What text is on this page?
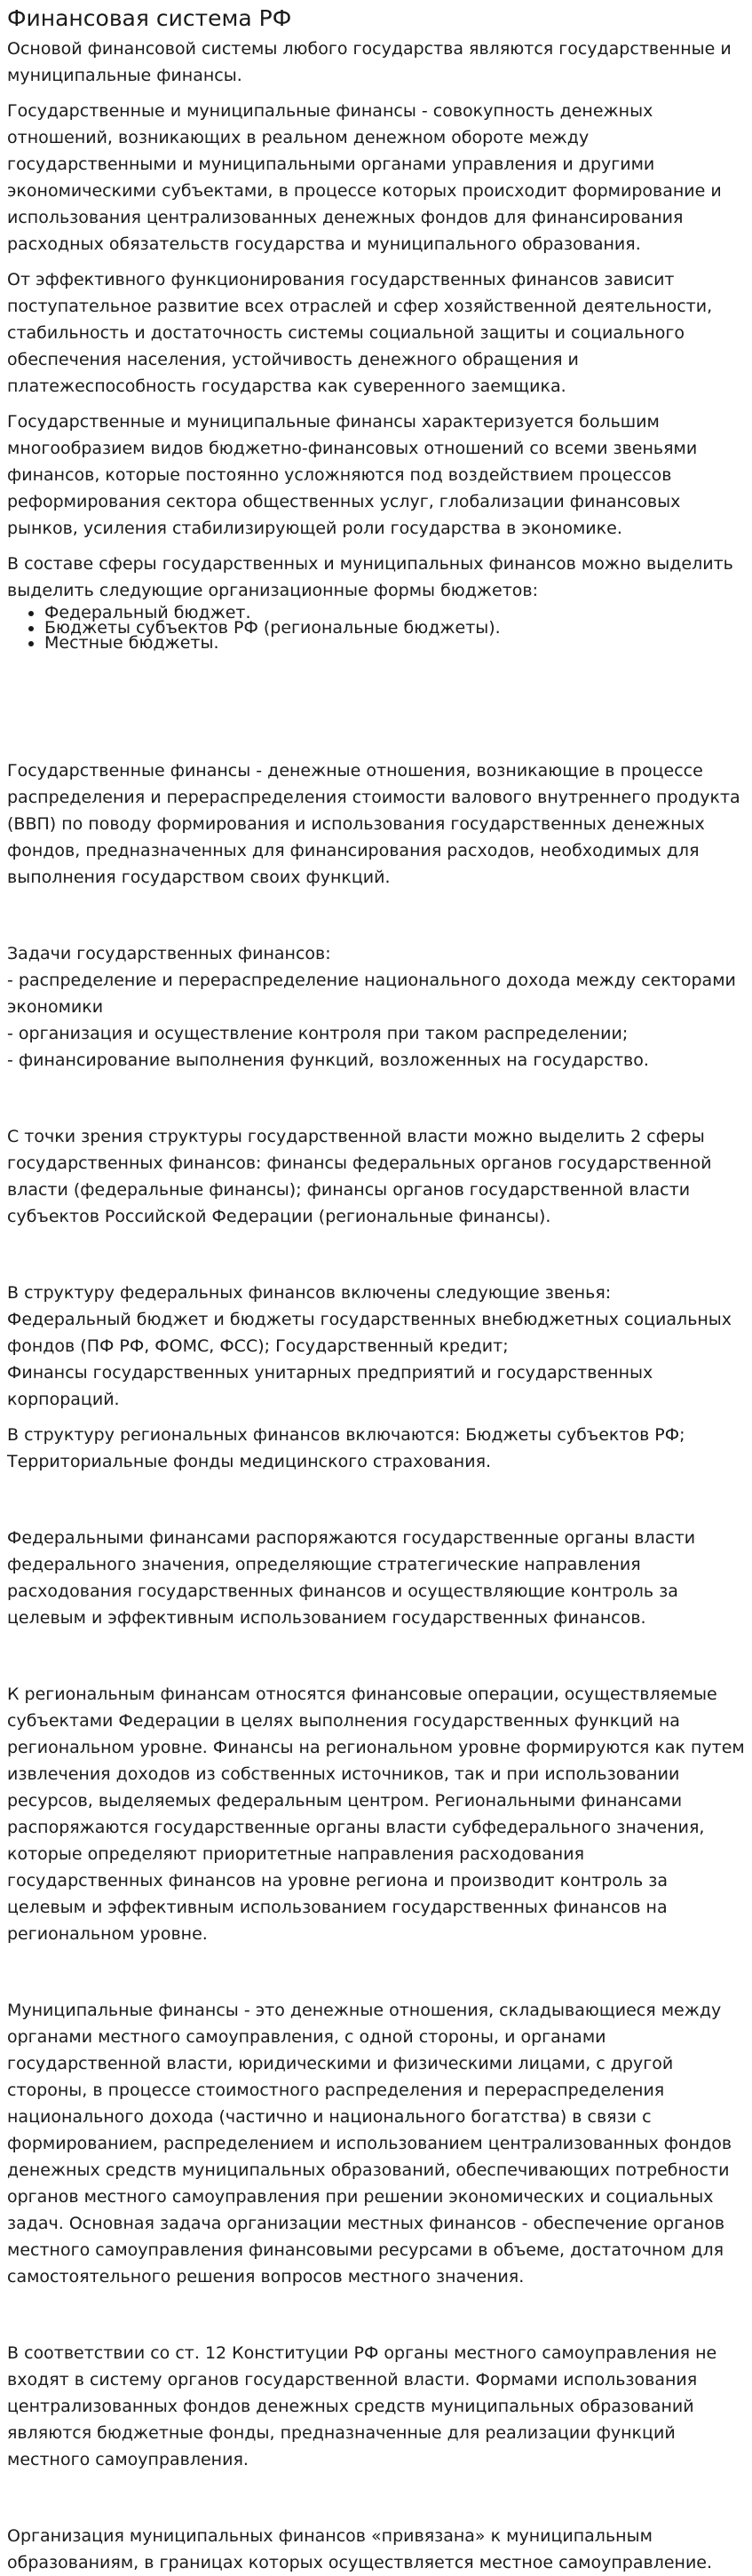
Финансовая система РФ

Основой финансовой системы любого государства являются государственные и муниципальные финансы.

Государственные и муниципальные финансы - совокупность денежных отношений, возникающих в реальном денежном обороте между государственными и муниципальными органами управления и другими экономическими субъектами, в процессе которых происходит формирование и использования централизованных денежных фондов для финансирования расходных обязательств государства и муниципального образования.

От эффективного функционирования государственных финансов зависит поступательное развитие всех отраслей и сфер хозяйственной деятельности, стабильность и достаточность системы социальной защиты и социального обеспечения населения, устойчивость денежного обращения и платежеспособность государства как суверенного заемщика.

Государственные и муниципальные финансы характеризуется большим многообразием видов бюджетно-финансовых отношений со всеми звеньями финансов, которые постоянно усложняются под воздействием процессов реформирования сектора общественных услуг, глобализации финансовых рынков, усиления стабилизирующей роли государства в экономике.

В составе сферы государственных и муниципальных финансов можно выделить выделить следующие организационные формы бюджетов:

• Федеральный бюджет.
• Бюджеты субъектов РФ (региональные бюджеты).
• Местные бюджеты.

Государственные финансы - денежные отношения, возникающие в процессе распределения и перераспределения стоимости валового внутреннего продукта (ВВП) по поводу формирования и использования государственных денежных фондов, предназначенных для финансирования расходов, необходимых для выполнения государством своих функций.

Задачи государственных финансов:
- распределение и перераспределение национального дохода между секторами экономики
- организация и осуществление контроля при таком распределении;
- финансирование выполнения функций, возложенных на государство.

С точки зрения структуры государственной власти можно выделить 2 сферы государственных финансов: финансы федеральных органов государственной власти (федеральные финансы); финансы органов государственной власти субъектов Российской Федерации (региональные финансы).

В структуру федеральных финансов включены следующие звенья:
Федеральный бюджет и бюджеты государственных внебюджетных социальных фондов (ПФ РФ, ФОМС, ФСС); Государственный кредит;
Финансы государственных унитарных предприятий и государственных корпораций.

В структуру региональных финансов включаются: Бюджеты субъектов РФ; Территориальные фонды медицинского страхования.

Федеральными финансами распоряжаются государственные органы власти федерального значения, определяющие стратегические направления расходования государственных финансов и осуществляющие контроль за целевым и эффективным использованием государственных финансов.

К региональным финансам относятся финансовые операции, осуществляемые субъектами Федерации в целях выполнения государственных функций на региональном уровне. Финансы на региональном уровне формируются как путем извлечения доходов из собственных источников, так и при использовании ресурсов, выделяемых федеральным центром. Региональными финансами распоряжаются государственные органы власти субфедерального значения, которые определяют приоритетные направления расходования государственных финансов на уровне региона и производит контроль за целевым и эффективным использованием государственных финансов на региональном уровне.

Муниципальные финансы - это денежные отношения, складывающиеся между органами местного самоуправления, с одной стороны, и органами государственной власти, юридическими и физическими лицами, с другой стороны, в процессе стоимостного распределения и перераспределения национального дохода (частично и национального богатства) в связи с формированием, распределением и использованием централизованных фондов денежных средств муниципальных образований, обеспечивающих потребности органов местного самоуправления при решении экономических и социальных задач. Основная задача организации местных финансов - обеспечение органов местного самоуправления финансовыми ресурсами в объеме, достаточном для самостоятельного решения вопросов местного значения.

В соответствии со ст. 12 Конституции РФ органы местного самоуправления не входят в систему органов государственной власти. Формами использования централизованных фондов денежных средств муниципальных образований являются бюджетные фонды, предназначенные для реализации функций местного самоуправления.

Организация муниципальных финансов «привязана» к муниципальным образованиям, в границах которых осуществляется местное самоуправление.
